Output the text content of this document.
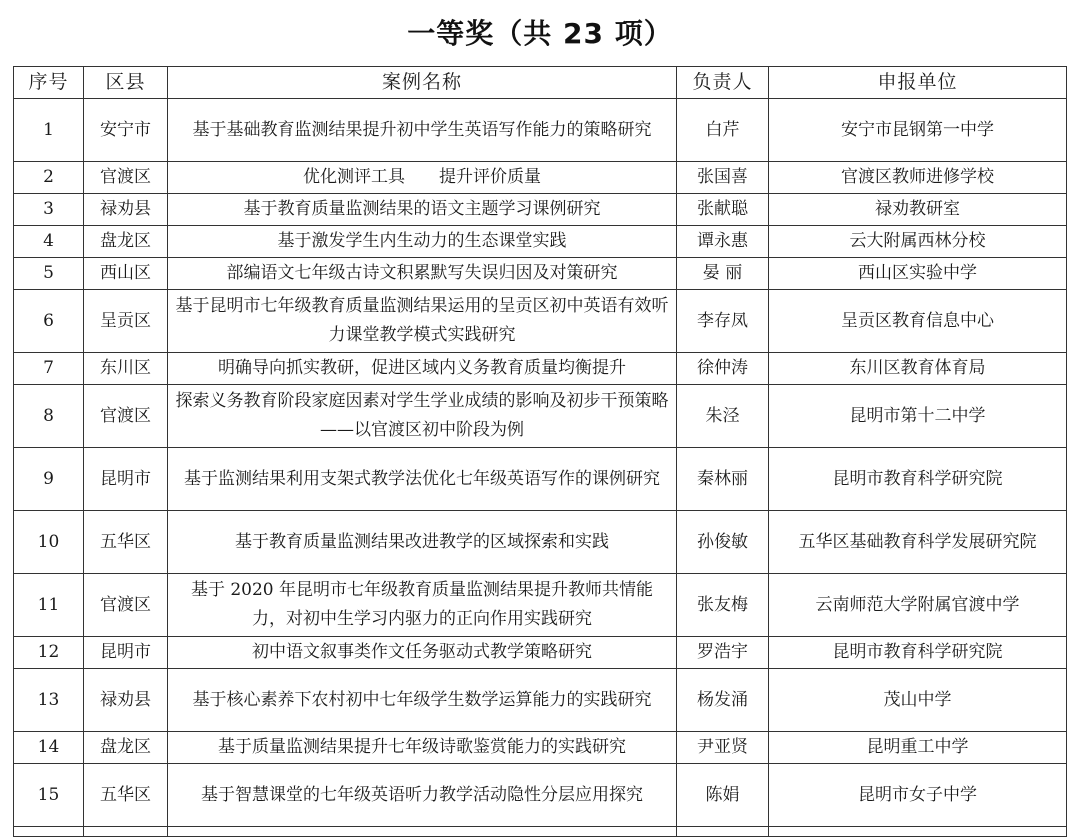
一等奖（共 23 项）
序号	区县	案例名称	负责人	申报单位
1	安宁市	基于基础教育监测结果提升初中学生英语写作能力的策略研究	白芹	安宁市昆钢第一中学
2	官渡区	优化测评工具　　提升评价质量	张国喜	官渡区教师进修学校
3	禄劝县	基于教育质量监测结果的语文主题学习课例研究	张献聪	禄劝教研室
4	盘龙区	基于激发学生内生动力的生态课堂实践	谭永惠	云大附属西林分校
5	西山区	部编语文七年级古诗文积累默写失误归因及对策研究	晏 丽	西山区实验中学
6	呈贡区	基于昆明市七年级教育质量监测结果运用的呈贡区初中英语有效听力课堂教学模式实践研究	李存凤	呈贡区教育信息中心
7	东川区	明确导向抓实教研，促进区域内义务教育质量均衡提升	徐仲涛	东川区教育体育局
8	官渡区	探索义务教育阶段家庭因素对学生学业成绩的影响及初步干预策略——以官渡区初中阶段为例	朱泾	昆明市第十二中学
9	昆明市	基于监测结果利用支架式教学法优化七年级英语写作的课例研究	秦林丽	昆明市教育科学研究院
10	五华区	基于教育质量监测结果改进教学的区域探索和实践	孙俊敏	五华区基础教育科学发展研究院
11	官渡区	基于 2020 年昆明市七年级教育质量监测结果提升教师共情能力，对初中生学习内驱力的正向作用实践研究	张友梅	云南师范大学附属官渡中学
12	昆明市	初中语文叙事类作文任务驱动式教学策略研究	罗浩宇	昆明市教育科学研究院
13	禄劝县	基于核心素养下农村初中七年级学生数学运算能力的实践研究	杨发涌	茂山中学
14	盘龙区	基于质量监测结果提升七年级诗歌鉴赏能力的实践研究	尹亚贤	昆明重工中学
15	五华区	基于智慧课堂的七年级英语听力教学活动隐性分层应用探究	陈娟	昆明市女子中学
